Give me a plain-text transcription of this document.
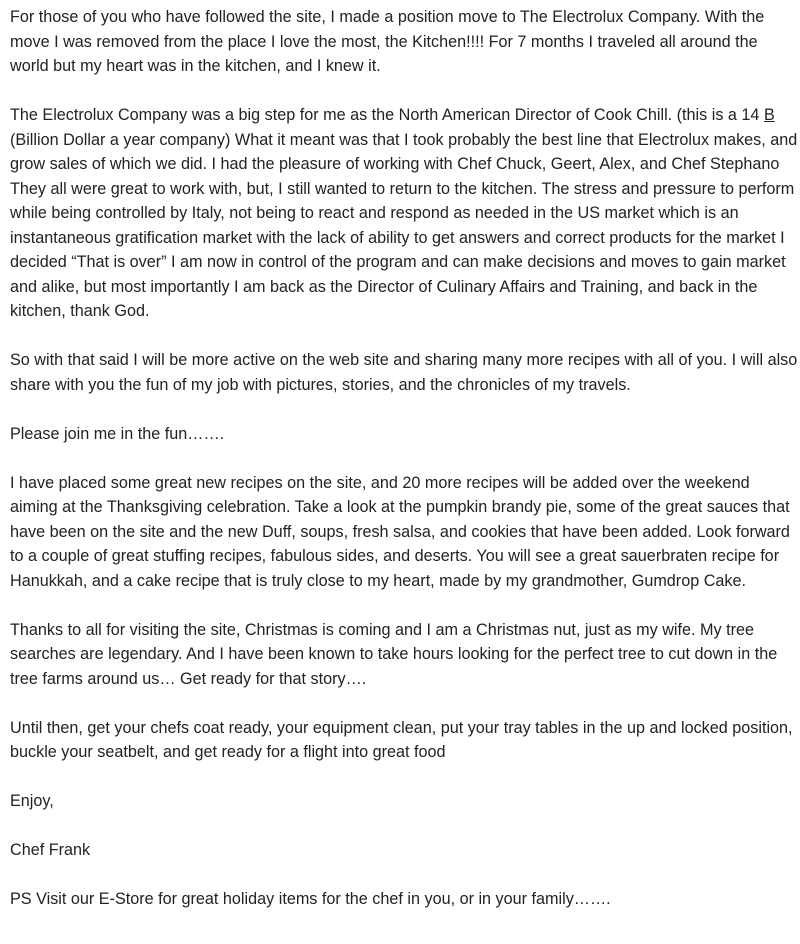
For those of you who have followed the site, I made a position move to The Electrolux Company. With the move I was removed from the place I love the most, the Kitchen!!!! For 7 months I traveled all around the world but my heart was in the kitchen, and I knew it.

The Electrolux Company was a big step for me as the North American Director of Cook Chill. (this is a 14 B (Billion Dollar a year company) What it meant was that I took probably the best line that Electrolux makes, and grow sales of which we did. I had the pleasure of working with Chef Chuck, Geert, Alex, and Chef Stephano They all were great to work with, but, I still wanted to return to the kitchen. The stress and pressure to perform while being controlled by Italy, not being to react and respond as needed in the US market which is an instantaneous gratification market with the lack of ability to get answers and correct products for the market I decided “That is over” I am now in control of the program and can make decisions and moves to gain market and alike, but most importantly I am back as the Director of Culinary Affairs and Training, and back in the kitchen, thank God.

So with that said I will be more active on the web site and sharing many more recipes with all of you. I will also share with you the fun of my job with pictures, stories, and the chronicles of my travels.

Please join me in the fun…….

I have placed some great new recipes on the site, and 20 more recipes will be added over the weekend aiming at the Thanksgiving celebration. Take a look at the pumpkin brandy pie, some of the great sauces that have been on the site and the new Duff, soups, fresh salsa, and cookies that have been added. Look forward to a couple of great stuffing recipes, fabulous sides, and deserts. You will see a great sauerbraten recipe for Hanukkah, and a cake recipe that is truly close to my heart, made by my grandmother, Gumdrop Cake.

Thanks to all for visiting the site, Christmas is coming and I am a Christmas nut, just as my wife. My tree searches are legendary. And I have been known to take hours looking for the perfect tree to cut down in the tree farms around us… Get ready for that story….

Until then, get your chefs coat ready, your equipment clean, put your tray tables in the up and locked position, buckle your seatbelt, and get ready for a flight into great food

Enjoy,

Chef Frank

PS Visit our E-Store for great holiday items for the chef in you, or in your family…….
